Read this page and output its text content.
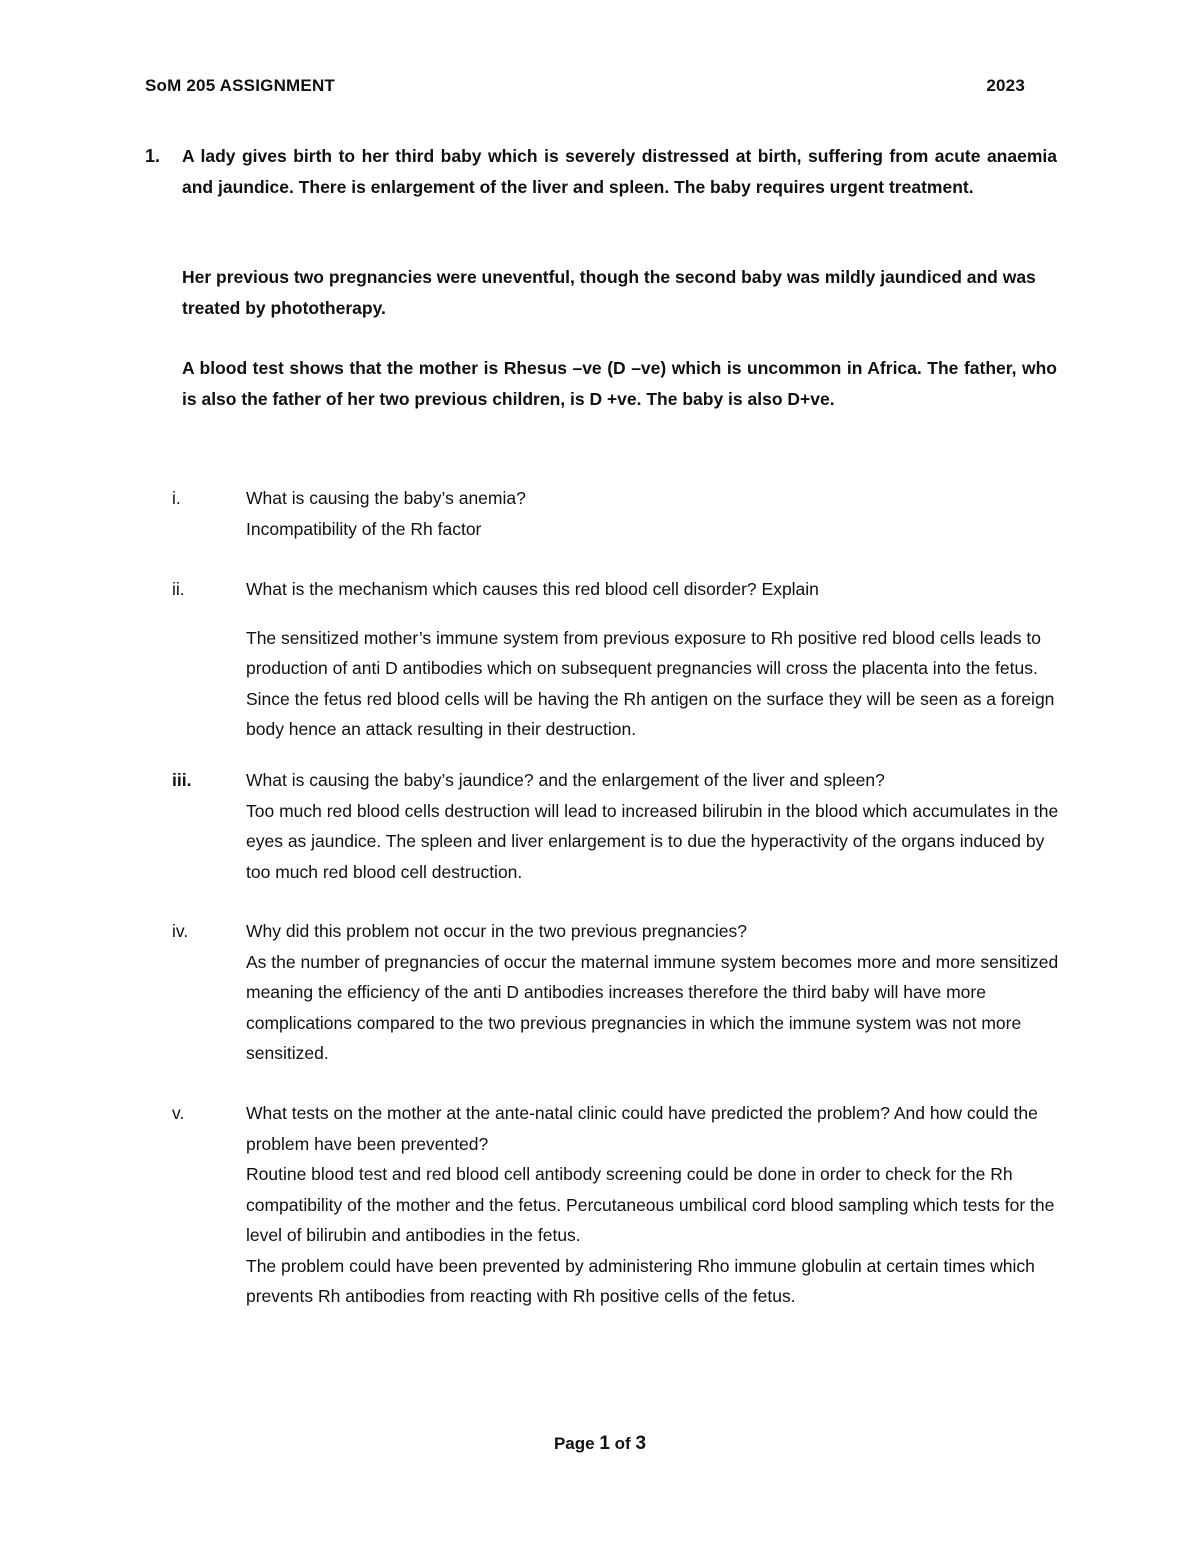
SoM 205 ASSIGNMENT	2023
1. A lady gives birth to her third baby which is severely distressed at birth, suffering from acute anaemia and jaundice. There is enlargement of the liver and spleen. The baby requires urgent treatment.

Her previous two pregnancies were uneventful, though the second baby was mildly jaundiced and was treated by phototherapy.

A blood test shows that the mother is Rhesus –ve (D –ve) which is uncommon in Africa. The father, who is also the father of her two previous children, is D +ve. The baby is also D+ve.

i.	What is causing the baby’s anemia?

Incompatibility of the Rh factor

ii.	What is the mechanism which causes this red blood cell disorder? Explain

The sensitized mother’s immune system from previous exposure to Rh positive red blood cells leads to production of anti D antibodies which on subsequent pregnancies will cross the placenta into the fetus. Since the fetus red blood cells will be having the Rh antigen on the surface they will be seen as a foreign body hence an attack resulting in their destruction.

iii.	What is causing the baby’s jaundice? and the enlargement of the liver and spleen?

Too much red blood cells destruction will lead to increased bilirubin in the blood which accumulates in the eyes as jaundice. The spleen and liver enlargement is to due the hyperactivity of the organs induced by too much red blood cell destruction.

iv.	Why did this problem not occur in the two previous pregnancies?

As the number of pregnancies of occur the maternal immune system becomes more and more sensitized meaning the efficiency of the anti D antibodies increases therefore the third baby will have more complications compared to the two previous pregnancies in which the immune system was not more sensitized.

v.	What tests on the mother at the ante-natal clinic could have predicted the problem? And how could the problem have been prevented?

Routine blood test and red blood cell antibody screening could be done in order to check for the Rh compatibility of the mother and the fetus. Percutaneous umbilical cord blood sampling which tests for the level of bilirubin and antibodies in the fetus.

The problem could have been prevented by administering Rho immune globulin at certain times which prevents Rh antibodies from reacting with Rh positive cells of the fetus.

Page 1 of 3
